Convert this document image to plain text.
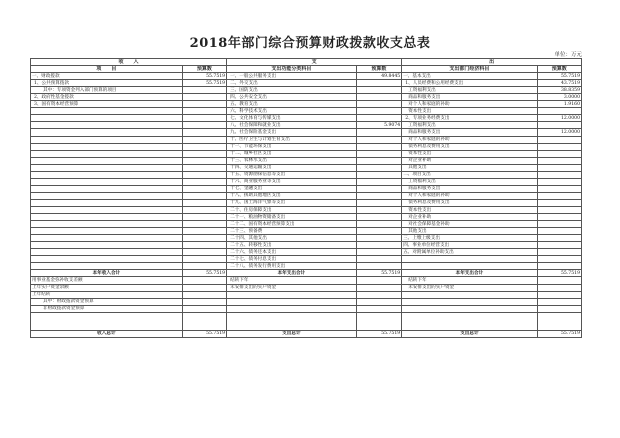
2018年部门综合预算财政拨款收支总表
单位：万元
收　　入		支		出	
项　　目	预算数	支出功能分类科目	预算数	支出部门经济科目	预算数
一、财政拨款	55.7519	一、一般公共服务支出	49.8445	一、基本支出	55.7519
1、公共预算拨款	55.7519	二、外交支出		1、人员经费和公用经费支出	43.7519
其中：专项资金列入部门预算的项目		三、国防支出		工资福利支出	38.8359
2、政府性基金拨款		四、公共安全支出		商品和服务支出	3.0000
3、国有资本经营预算		五、教育支出		对个人和家庭的补助	1.9160
		六、科学技术支出		资本性支出	
		七、文化体育与传媒支出		2、专项业务经费支出	12.0000
		八、社会保障和就业支出	5.9074	工资福利支出	
		九、社会保险基金支出		商品和服务支出	12.0000
		十、医疗卫生与计划生育支出		对个人和家庭的补助	
		十一、节能环保支出		债务利息及费用支出	
		十二、城乡社区支出		资本性支出	
		十三、农林水支出		对企业补助	
		十四、交通运输支出		其他支出	
		十五、资源勘探信息等支出		二、项目支出	
		十六、商业服务业等支出		工资福利支出	
		十七、金融支出		商品和服务支出	
		十八、援助其他地区支出		对个人和家庭的补助	
		十九、国土海洋气象等支出		债务利息及费用支出	
		二十、住房保障支出		资本性支出	
		二十一、粮油物资储备支出		对企业补助	
		二十二、国有资本经营预算支出		对社会保障基金补助	
		二十三、预备费		其他支出	
		二十四、其他支出		三、上缴上级支出	
		二十五、转移性支出		四、事业单位经营支出	
		二十六、债务还本支出		五、对附属单位补助支出	
		二十七、债务付息支出			
		二十八、债务发行费用支出			
本年收入合计	55.7519	本年支出合计	55.7519	本年支出合计	55.7519
用事业基金弥补收支差额		结转下年		结转下年	
上年实户资金余额		未安排支出的实户资金		未安排支出的实户资金	
上年结转					
其中：财政拨款资金预算					
非财政拨款资金预算					

收入总计	55.7519	支出总计	55.7519	支出总计	55.7519
